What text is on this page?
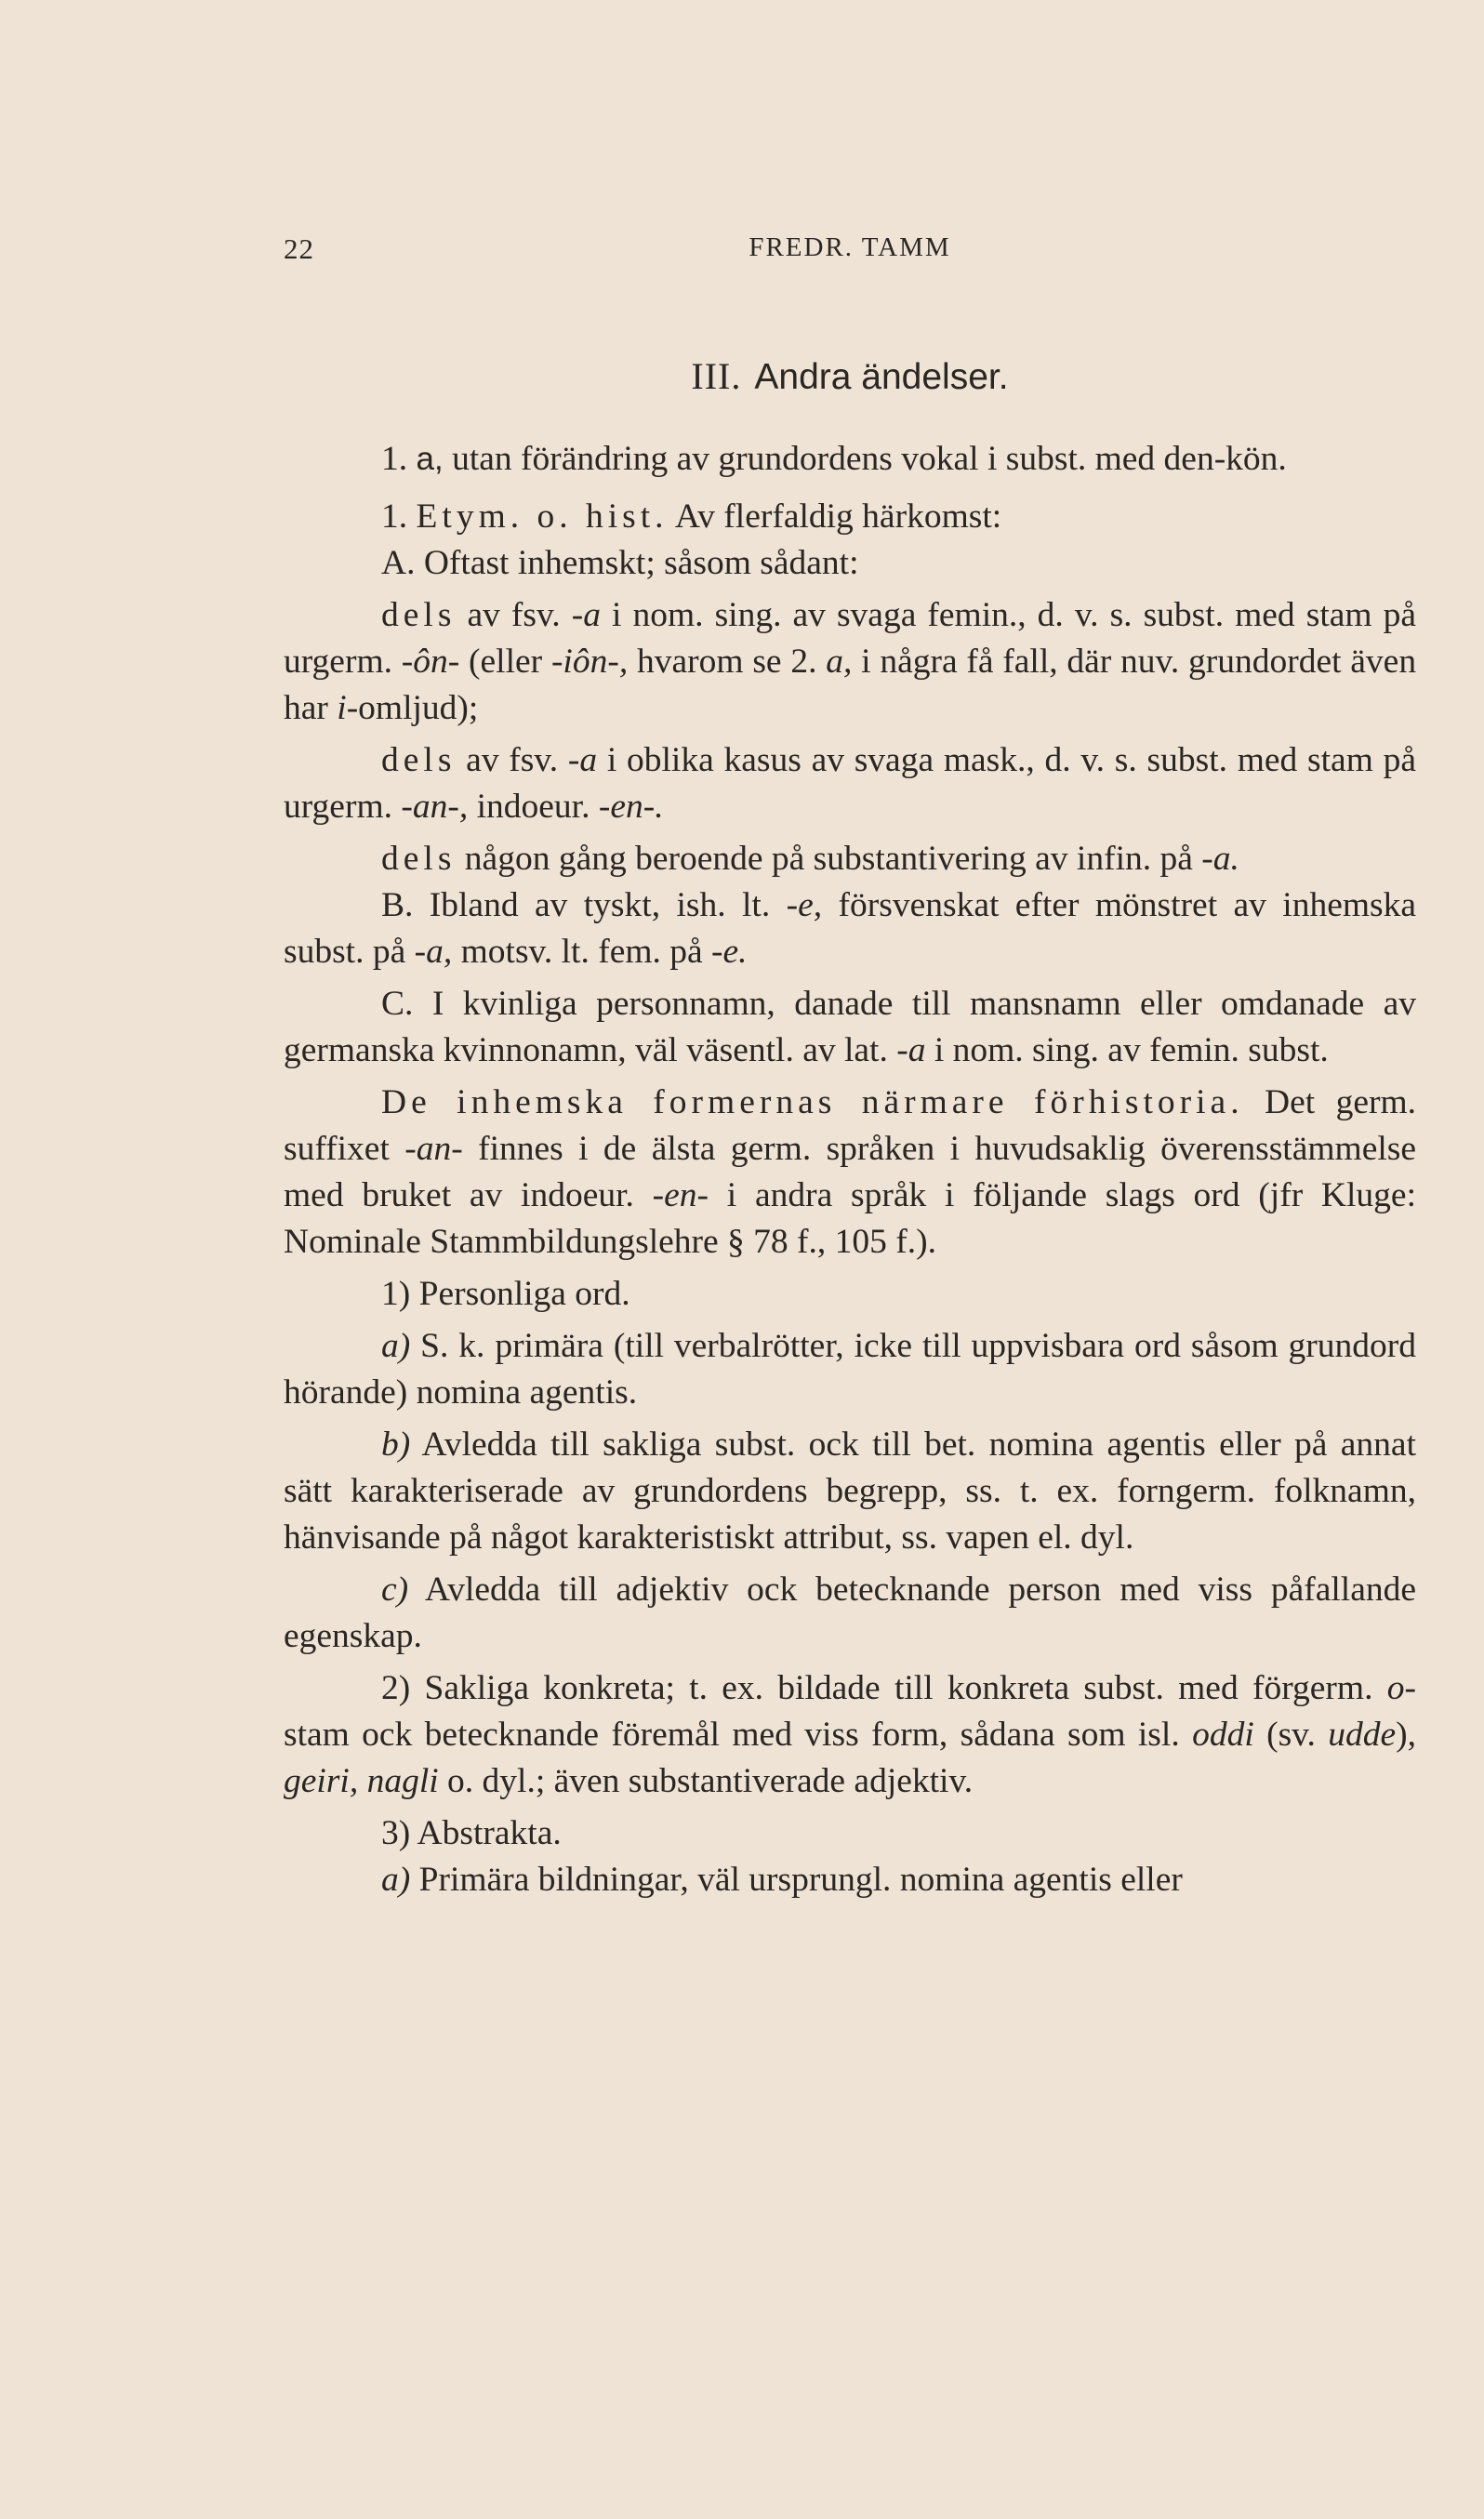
22	FREDR. TAMM
III. Andra ändelser.

1. a, utan förändring av grundordens vokal i subst. med den-kön.

1. Etym. o. hist. Av flerfaldig härkomst:

A. Oftast inhemskt; såsom sådant:

dels av fsv. -a i nom. sing. av svaga femin., d. v. s. subst. med stam på urgerm. -ôn- (eller -iôn-, hvarom se 2. a, i några få fall, där nuv. grundordet även har i-omljud);

dels av fsv. -a i oblika kasus av svaga mask., d. v. s. subst. med stam på urgerm. -an-, indoeur. -en-.

dels någon gång beroende på substantivering av infin. på -a.

B. Ibland av tyskt, ish. lt. -e, försvenskat efter mönstret av inhemska subst. på -a, motsv. lt. fem. på -e.

C. I kvinliga personnamn, danade till mansnamn eller omdanade av germanska kvinnonamn, väl väsentl. av lat. -a i nom. sing. av femin. subst.

De inhemska formernas närmare förhistoria. Det germ. suffixet -an- finnes i de älsta germ. språken i huvudsaklig överensstämmelse med bruket av indoeur. -en- i andra språk i följande slags ord (jfr Kluge: Nominale Stammbildungslehre § 78 f., 105 f.).

1) Personliga ord.

a) S. k. primära (till verbalrötter, icke till uppvisbara ord såsom grundord hörande) nomina agentis.

b) Avledda till sakliga subst. ock till bet. nomina agentis eller på annat sätt karakteriserade av grundordens begrepp, ss. t. ex. forngerm. folknamn, hänvisande på något karakteristiskt attribut, ss. vapen el. dyl.

c) Avledda till adjektiv ock betecknande person med viss påfallande egenskap.

2) Sakliga konkreta; t. ex. bildade till konkreta subst. med förgerm. o-stam ock betecknande föremål med viss form, sådana som isl. oddi (sv. udde), geiri, nagli o. dyl.; även substantiverade adjektiv.

3) Abstrakta.

a) Primära bildningar, väl ursprungl. nomina agentis eller
